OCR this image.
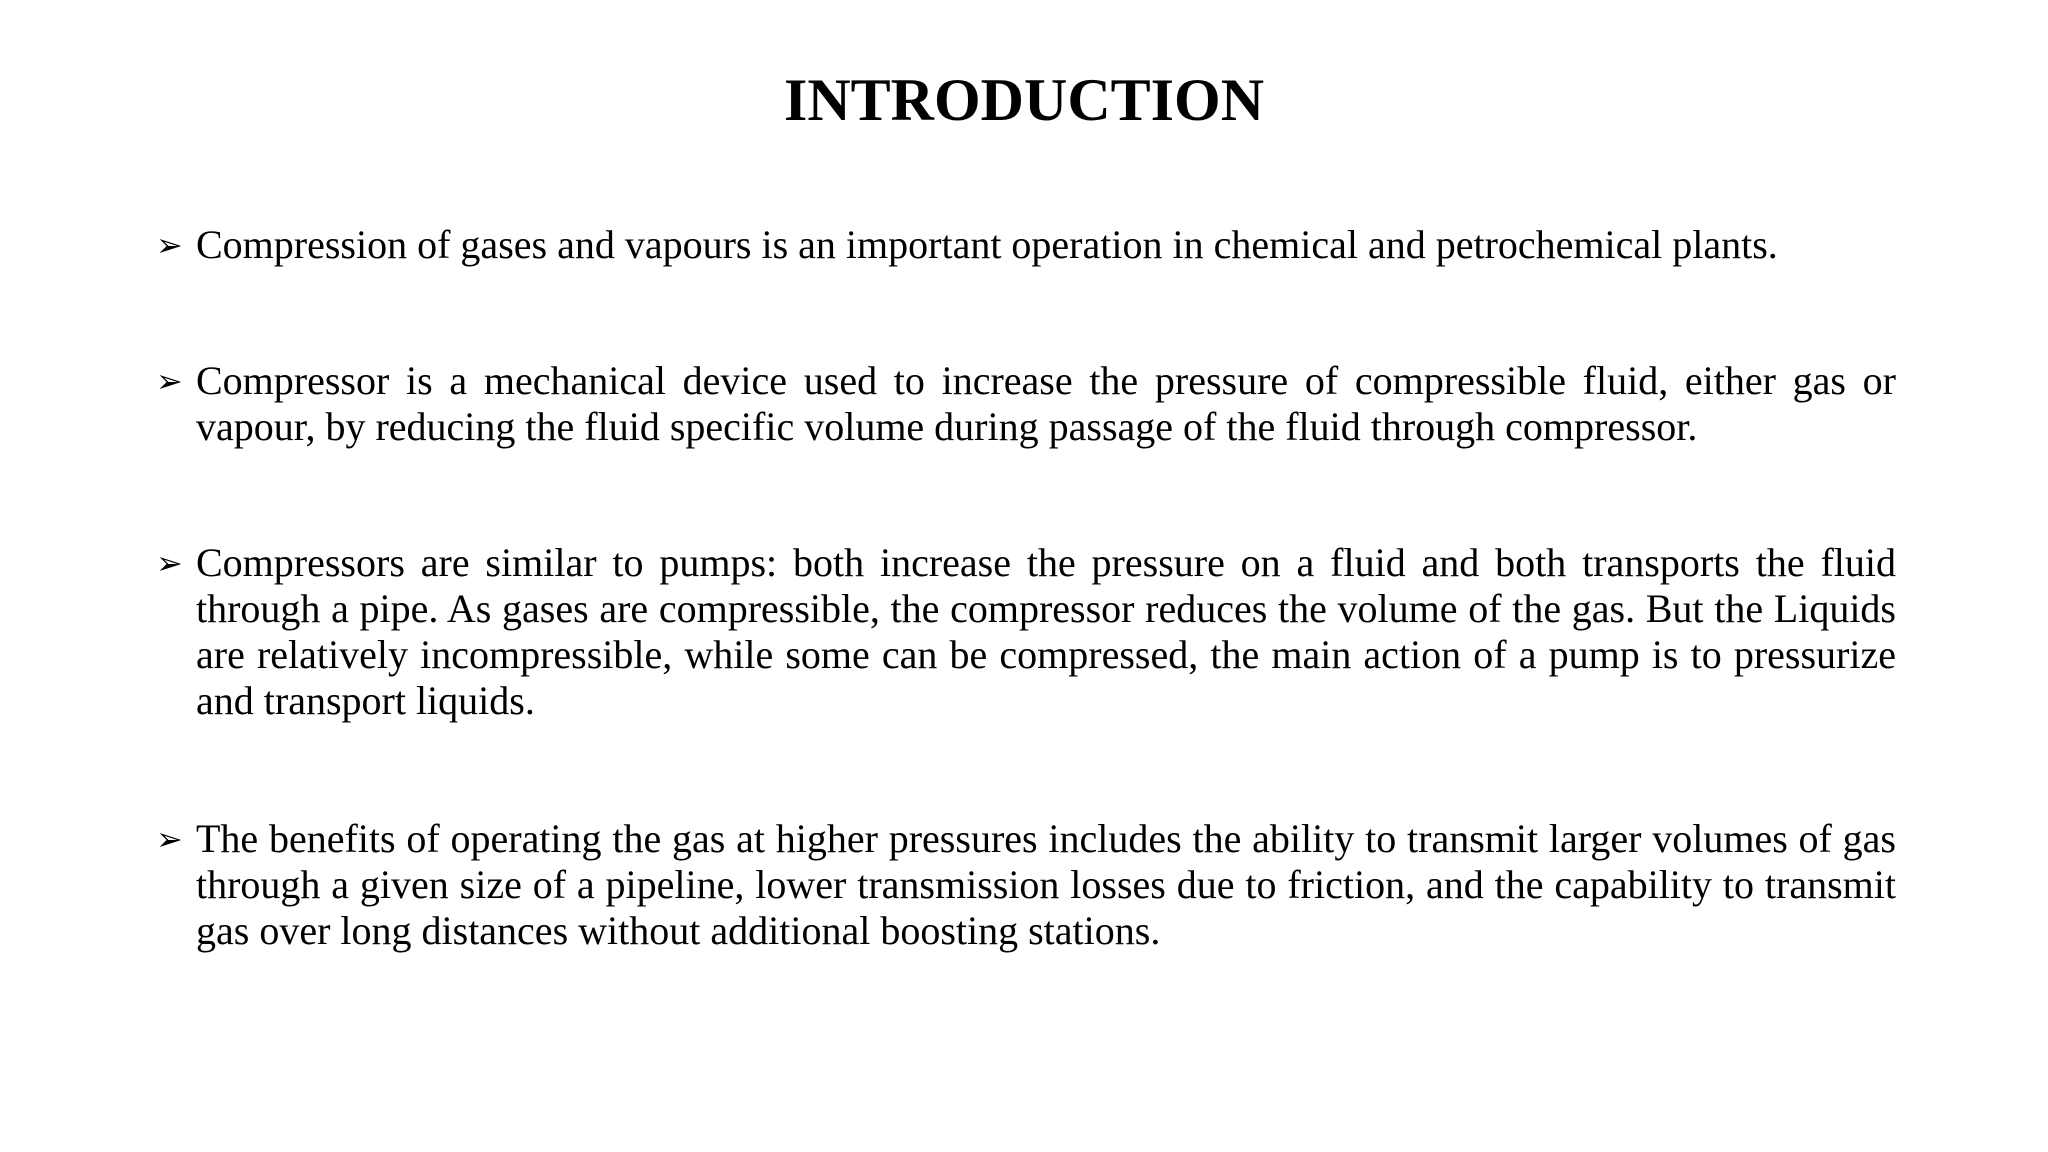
INTRODUCTION
➢ Compression of gases and vapours is an important operation in chemical and petrochemical plants.
➢ Compressor is a mechanical device used to increase the pressure of compressible fluid, either gas or vapour, by reducing the fluid specific volume during passage of the fluid through compressor.
➢ Compressors are similar to pumps: both increase the pressure on a fluid and both transports the fluid through a pipe. As gases are compressible, the compressor reduces the volume of the gas. But the Liquids are relatively incompressible, while some can be compressed, the main action of a pump is to pressurize and transport liquids.
➢ The benefits of operating the gas at higher pressures includes the ability to transmit larger volumes of gas through a given size of a pipeline, lower transmission losses due to friction, and the capability to transmit gas over long distances without additional boosting stations.
